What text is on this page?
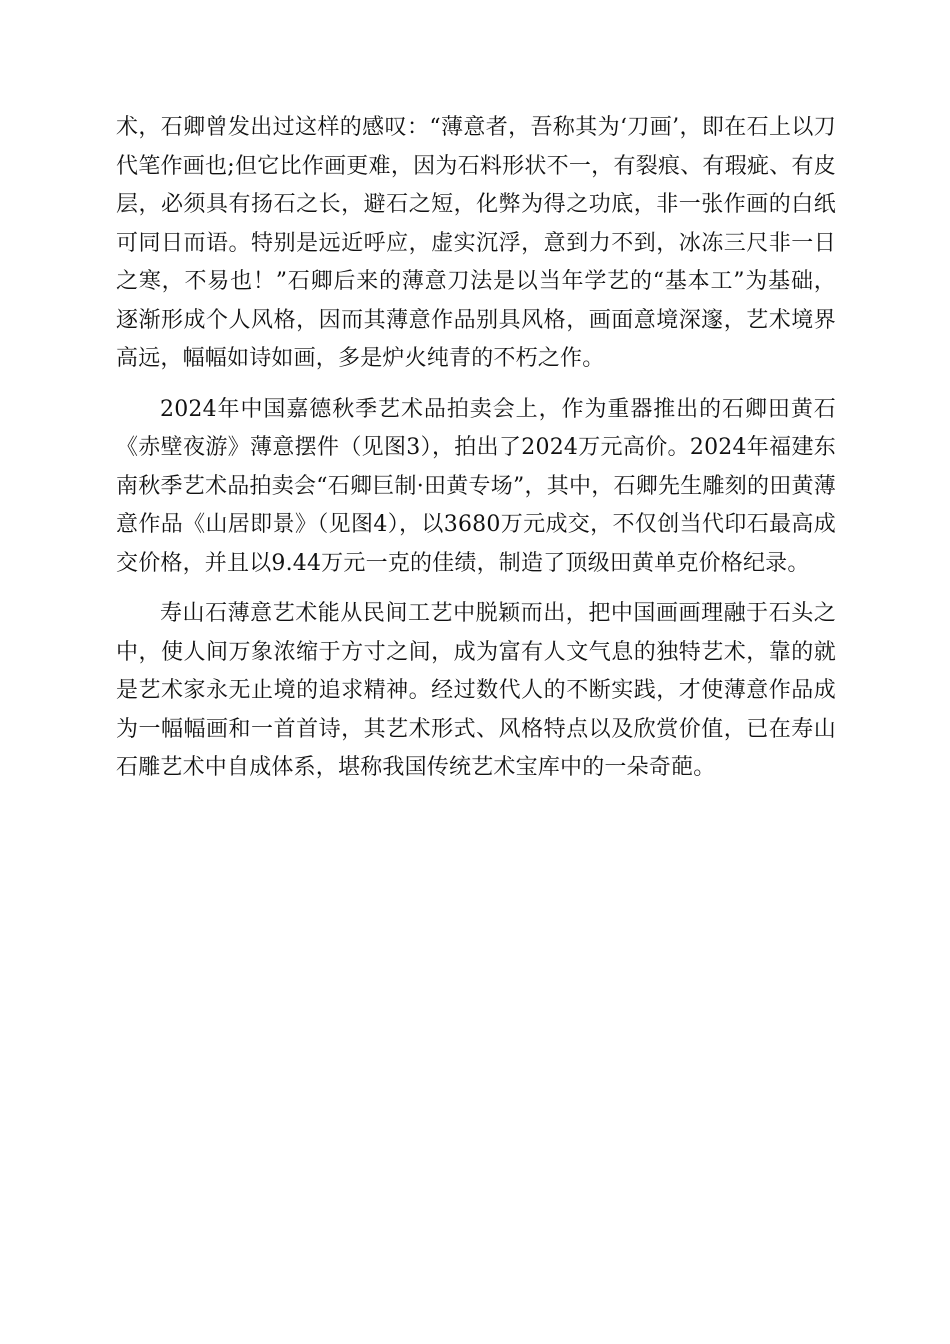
术，石卿曾发出过这样的感叹：“薄意者，吾称其为‘刀画’，即在石上以刀代笔作画也;但它比作画更难，因为石料形状不一，有裂痕、有瑕疵、有皮层，必须具有扬石之长，避石之短，化弊为得之功底，非一张作画的白纸可同日而语。特别是远近呼应，虚实沉浮，意到力不到，冰冻三尺非一日之寒，不易也！”石卿后来的薄意刀法是以当年学艺的“基本工”为基础，逐渐形成个人风格，因而其薄意作品别具风格，画面意境深邃，艺术境界高远，幅幅如诗如画，多是炉火纯青的不朽之作。

2024年中国嘉德秋季艺术品拍卖会上，作为重器推出的石卿田黄石《赤壁夜游》薄意摆件（见图3），拍出了2024万元高价。2024年福建东南秋季艺术品拍卖会“石卿巨制·田黄专场”，其中，石卿先生雕刻的田黄薄意作品《山居即景》（见图4），以3680万元成交，不仅创当代印石最高成交价格，并且以9.44万元一克的佳绩，制造了顶级田黄单克价格纪录。

寿山石薄意艺术能从民间工艺中脱颖而出，把中国画画理融于石头之中，使人间万象浓缩于方寸之间，成为富有人文气息的独特艺术，靠的就是艺术家永无止境的追求精神。经过数代人的不断实践，才使薄意作品成为一幅幅画和一首首诗，其艺术形式、风格特点以及欣赏价值，已在寿山石雕艺术中自成体系，堪称我国传统艺术宝库中的一朵奇葩。
